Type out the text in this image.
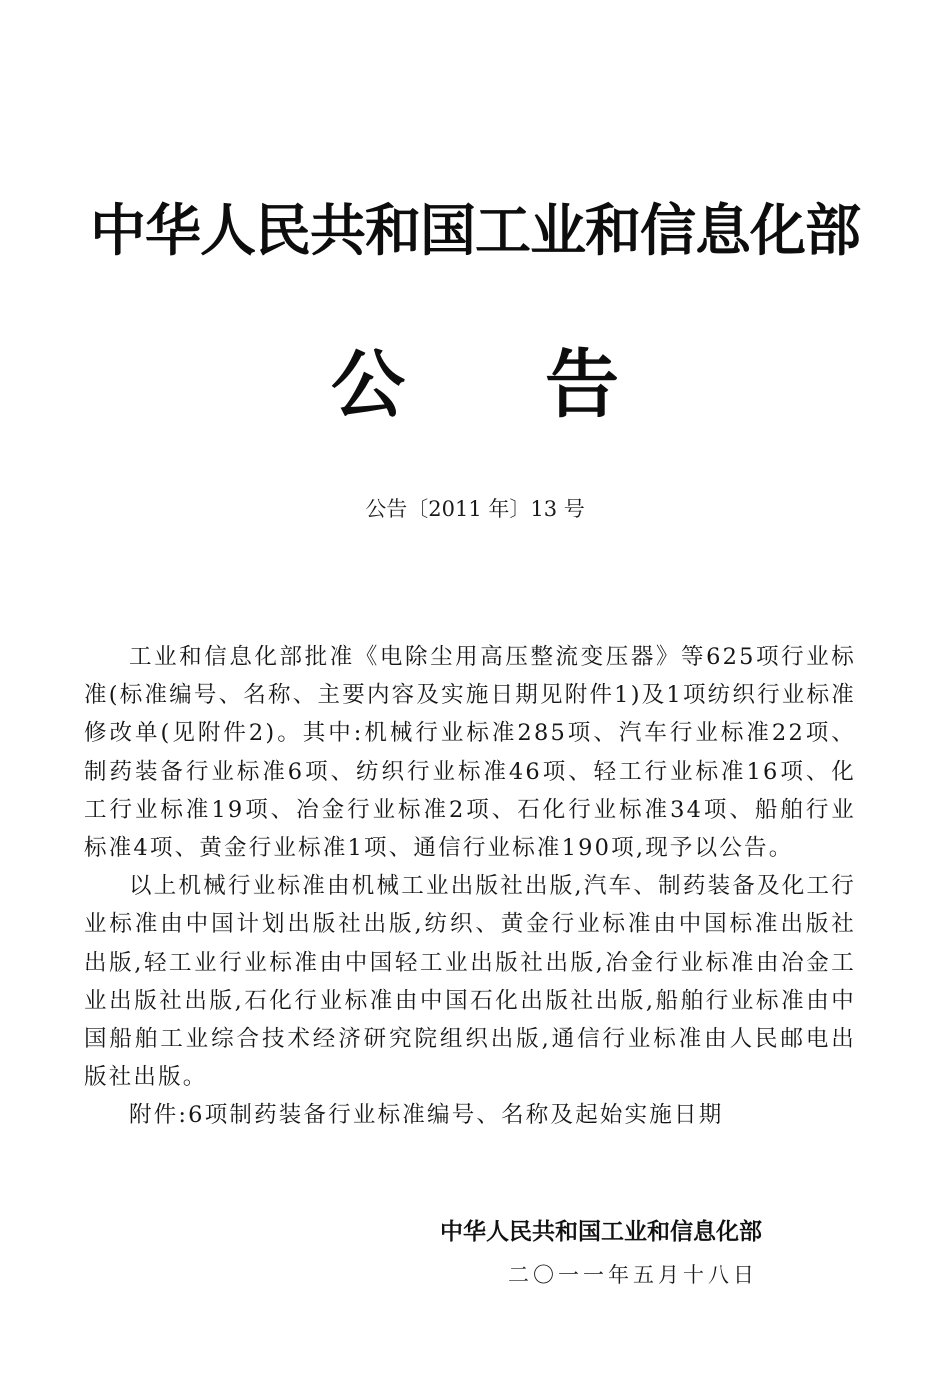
中华人民共和国工业和信息化部
公告
公告〔2011 年〕13 号

工业和信息化部批准《电除尘用高压整流变压器》等625项行业标准(标准编号、名称、主要内容及实施日期见附件1)及1项纺织行业标准修改单(见附件2)。其中:机械行业标准285项、汽车行业标准22项、制药装备行业标准6项、纺织行业标准46项、轻工行业标准16项、化工行业标准19项、冶金行业标准2项、石化行业标准34项、船舶行业标准4项、黄金行业标准1项、通信行业标准190项,现予以公告。

以上机械行业标准由机械工业出版社出版,汽车、制药装备及化工行业标准由中国计划出版社出版,纺织、黄金行业标准由中国标准出版社出版,轻工业行业标准由中国轻工业出版社出版,冶金行业标准由冶金工业出版社出版,石化行业标准由中国石化出版社出版,船舶行业标准由中国船舶工业综合技术经济研究院组织出版,通信行业标准由人民邮电出版社出版。

附件:6项制药装备行业标准编号、名称及起始实施日期

中华人民共和国工业和信息化部
二〇一一年五月十八日
